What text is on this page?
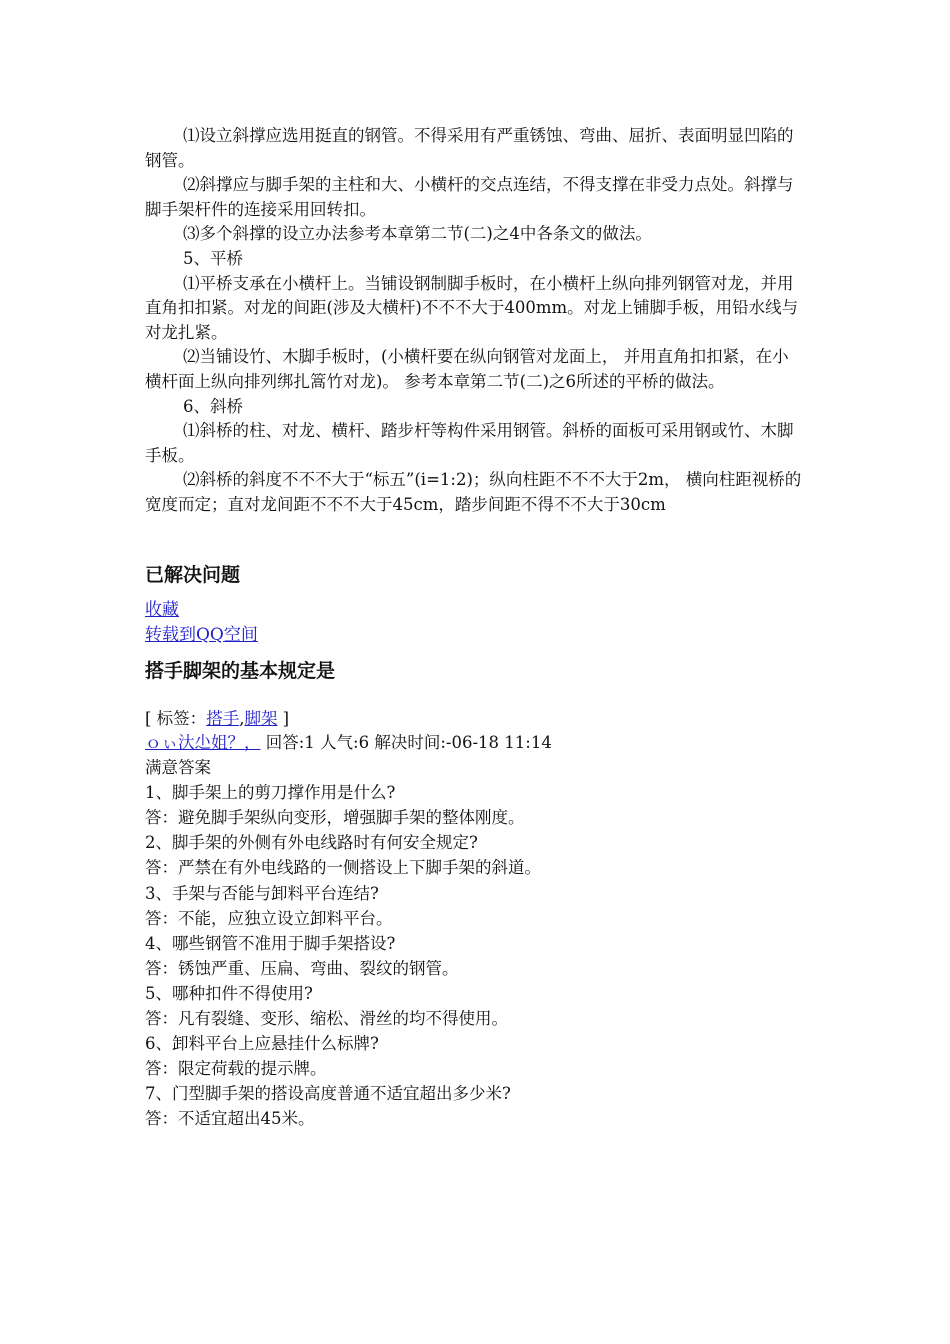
⑴设立斜撑应选用挺直的钢管。不得采用有严重锈蚀、弯曲、屈折、表面明显凹陷的钢管。

⑵斜撑应与脚手架的主柱和大、小横杆的交点连结，不得支撑在非受力点处。斜撑与脚手架杆件的连接采用回转扣。

⑶多个斜撑的设立办法参考本章第二节(二)之4中各条文的做法。

5、平桥

⑴平桥支承在小横杆上。当铺设钢制脚手板时，在小横杆上纵向排列钢管对龙，并用直角扣扣紧。对龙的间距(涉及大横杆)不不不大于400mm。对龙上铺脚手板，用铅水线与对龙扎紧。

⑵当铺设竹、木脚手板时，(小横杆要在纵向钢管对龙面上， 并用直角扣扣紧，在小横杆面上纵向排列绑扎篙竹对龙)。 参考本章第二节(二)之6所述的平桥的做法。

6、斜桥

⑴斜桥的柱、对龙、横杆、踏步杆等构件采用钢管。斜桥的面板可采用钢或竹、木脚手板。

⑵斜桥的斜度不不不大于“标五”(i=1:2)；纵向柱距不不不大于2m， 横向柱距视桥的宽度而定；直对龙间距不不不大于45cm，踏步间距不得不不大于30cm

已解决问题
收藏
转载到QQ空间
搭手脚架的基本规定是
[ 标签：搭手,脚架 ]
ｏぃ汏尐姐？， 回答:1 人气:6 解决时间:-06-18 11:14

满意答案

1、脚手架上的剪刀撑作用是什么?

答：避免脚手架纵向变形，增强脚手架的整体刚度。

2、脚手架的外侧有外电线路时有何安全规定?

答：严禁在有外电线路的一侧搭设上下脚手架的斜道。

3、手架与否能与卸料平台连结?

答：不能，应独立设立卸料平台。

4、哪些钢管不准用于脚手架搭设?

答：锈蚀严重、压扁、弯曲、裂纹的钢管。

5、哪种扣件不得使用?

答：凡有裂缝、变形、缩松、滑丝的均不得使用。

6、卸料平台上应悬挂什么标牌?

答：限定荷载的提示牌。

7、门型脚手架的搭设高度普通不适宜超出多少米?

答：不适宜超出45米。
